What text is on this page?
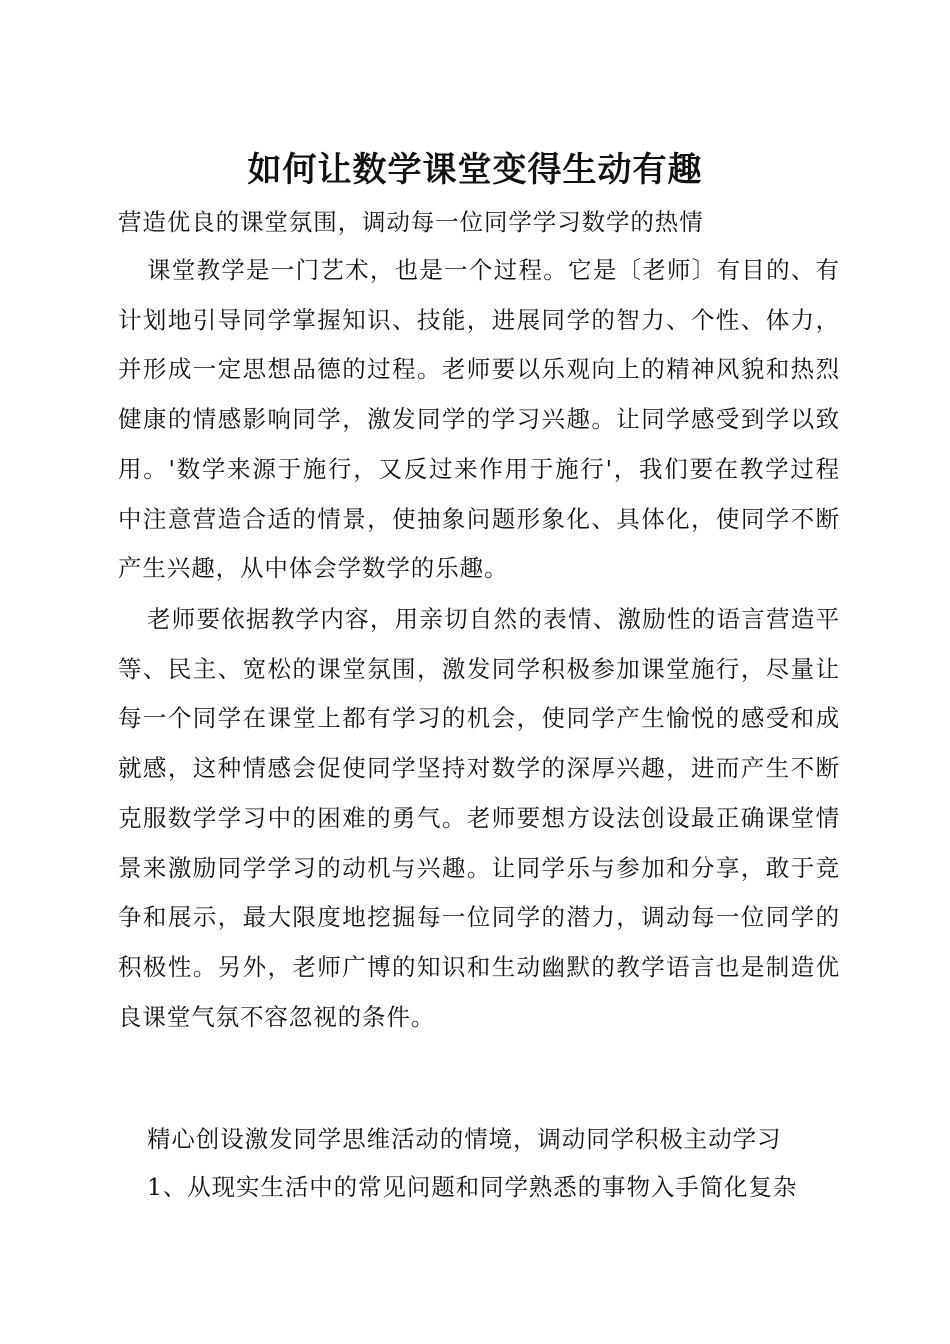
如何让数学课堂变得生动有趣
营造优良的课堂氛围，调动每一位同学学习数学的热情
课堂教学是一门艺术，也是一个过程。它是〔老师〕有目的、有计划地引导同学掌握知识、技能，进展同学的智力、个性、体力，并形成一定思想品德的过程。老师要以乐观向上的精神风貌和热烈健康的情感影响同学，激发同学的学习兴趣。让同学感受到学以致用。'数学来源于施行，又反过来作用于施行'，我们要在教学过程中注意营造合适的情景，使抽象问题形象化、具体化，使同学不断产生兴趣，从中体会学数学的乐趣。
老师要依据教学内容，用亲切自然的表情、激励性的语言营造平等、民主、宽松的课堂氛围，激发同学积极参加课堂施行，尽量让每一个同学在课堂上都有学习的机会，使同学产生愉悦的感受和成就感，这种情感会促使同学坚持对数学的深厚兴趣，进而产生不断克服数学学习中的困难的勇气。老师要想方设法创设最正确课堂情景来激励同学学习的动机与兴趣。让同学乐与参加和分享，敢于竞争和展示，最大限度地挖掘每一位同学的潜力，调动每一位同学的积极性。另外，老师广博的知识和生动幽默的教学语言也是制造优良课堂气氛不容忽视的条件。
精心创设激发同学思维活动的情境，调动同学积极主动学习
1、从现实生活中的常见问题和同学熟悉的事物入手简化复杂
